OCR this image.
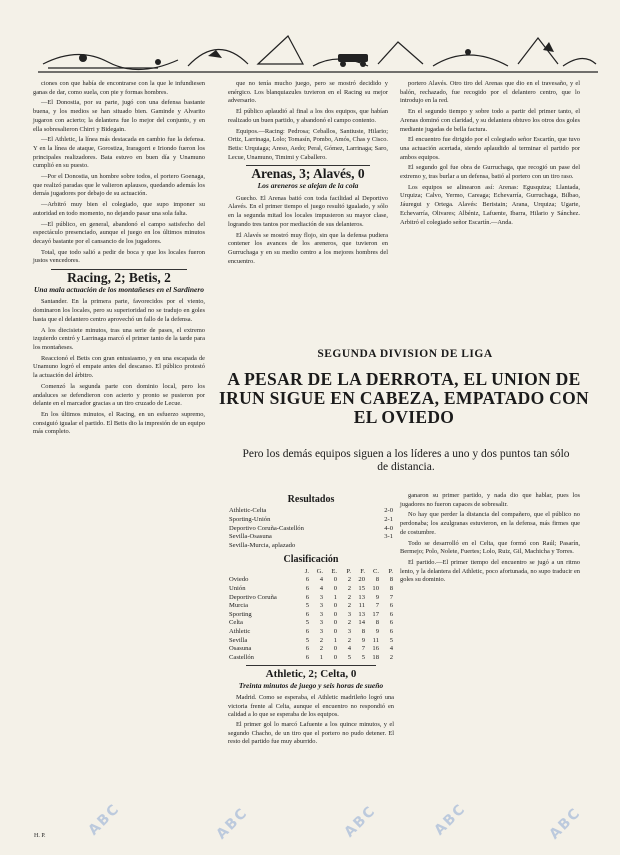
ciones con que había de encontrarse con la que le infundiesen ganas de dar, como suela, con pie y formas hombres.

—El Donostia, por su parte, jugó con una defensa bastante buena, y los medios se han situado bien. Gaminde y Alvarito jugaron con acierto; la delantera fue lo mejor del conjunto, y en ella sobresalieron Chirri y Bidegain.

—El Athletic, la línea más destacada en cambio fue la defensa. Y en la línea de ataque, Gorostiza, Iraragorri e Iriondo fueron los principales realizadores. Bata estuvo en buen día y Unamuno cumplió en su puesto.

—Por el Donostia, un hombre sobre todos, el portero Goenaga, que realizó paradas que le valieron aplausos, quedando además los demás jugadores por debajo de su actuación.

—Arbitró muy bien el colegiado, que supo imponer su autoridad en todo momento, no dejando pasar una sola falta.

—El público, en general, abandonó el campo satisfecho del espectáculo presenciado, aunque el juego en los últimos minutos decayó bastante por el cansancio de los jugadores.

Total, que todo salió a pedir de boca y que los locales fueron justos vencedores.

Racing, 2; Betis, 2
Una mala actuación de los montañeses en el Sardinero

Santander. En la primera parte, favorecidos por el viento, dominaron los locales, pero su superioridad no se tradujo en goles hasta que el delantero centro aprovechó un fallo de la defensa.

A los diecisiete minutos, tras una serie de pases, el extremo izquierdo centró y Larrinaga marcó el primer tanto de la tarde para los montañeses.

Reaccionó el Betis con gran entusiasmo, y en una escapada de Unamuno logró el empate antes del descanso. El público protestó la actuación del árbitro.

Comenzó la segunda parte con dominio local, pero los andaluces se defendieron con acierto y pronto se pusieron por delante en el marcador gracias a un tiro cruzado de Lecue.

En los últimos minutos, el Racing, en un esfuerzo supremo, consiguió igualar el partido. El Betis dio la impresión de un equipo más completo.

que no tenía mucho juego, pero se mostró decidido y enérgico. Los blanquiazules tuvieron en el Racing su mejor adversario.

El público aplaudió al final a los dos equipos, que habían realizado un buen partido, y abandonó el campo contento.

Equipos.—Racing: Pedrosa; Ceballos, Santiuste, Hilario; Ortiz, Larrinaga, Lolo; Tomasín, Pombo, Amós, Chas y Cisco. Betis: Urquiaga; Areso, Aedo; Peral, Gómez, Larrinaga; Saro, Lecue, Unamuno, Timimi y Caballero.

Arenas, 3; Alavés, 0
Los areneros se alejan de la cola

Guecho. El Arenas batió con toda facilidad al Deportivo Alavés. En el primer tiempo el juego resultó igualado, y sólo en la segunda mitad los locales impusieron su mayor clase, logrando tres tantos por mediación de sus delanteros.

El Alavés se mostró muy flojo, sin que la defensa pudiera contener los avances de los areneros, que tuvieron en Gurruchaga y en su medio centro a los mejores hombres del encuentro.

portero Alavés. Otro tiro del Arenas que dio en el travesaño, y el balón, rechazado, fue recogido por el delantero centro, que lo introdujo en la red.

En el segundo tiempo y sobre todo a partir del primer tanto, el Arenas dominó con claridad, y su delantera obtuvo los otros dos goles mediante jugadas de bella factura.

El encuentro fue dirigido por el colegiado señor Escartín, que tuvo una actuación acertada, siendo aplaudido al terminar el partido por ambos equipos.

El segundo gol fue obra de Gurruchaga, que recogió un pase del extremo y, tras burlar a un defensa, batió al portero con un tiro raso.

Los equipos se alinearon así: Arenas: Egusquiza; Llantada, Urquiza; Calvo, Yermo, Careaga; Echevarría, Gurruchaga, Bilbao, Jáuregui y Ortega. Alavés: Beristain; Arana, Urquiza; Ugarte, Echevarría, Olivares; Albéniz, Lafuente, Ibarra, Hilario y Sánchez. Arbitró el colegiado señor Escartín.—Anda.

SEGUNDA DIVISION DE LIGA
A PESAR DE LA DERROTA, EL UNION DE IRUN SIGUE EN CABEZA, EMPATADO CON EL OVIEDO
Pero los demás equipos siguen a los líderes a uno y dos puntos tan sólo de distancia.
Resultados
Athletic-Celta	2-0
Sporting-Unión	2-1
Deportivo Coruña-Castellón	4-0
Sevilla-Osasuna	3-1
Sevilla-Murcia, aplazado	
Clasificación
	J.	G.	E.	P.	F.	C.	P.
Oviedo	6	4	0	2	20	8	8
Unión	6	4	0	2	15	10	8
Deportivo Coruña	6	3	1	2	13	9	7
Murcia	5	3	0	2	11	7	6
Sporting	6	3	0	3	13	17	6
Celta	5	3	0	2	14	8	6
Athletic	6	3	0	3	8	9	6
Sevilla	5	2	1	2	9	11	5
Osasuna	6	2	0	4	7	16	4
Castellón	6	1	0	5	5	18	2
Athletic, 2; Celta, 0
Treinta minutos de juego y seis horas de sueño

Madrid. Como se esperaba, el Athletic madrileño logró una victoria frente al Celta, aunque el encuentro no respondió en calidad a lo que se esperaba de los equipos.

El primer gol lo marcó Lafuente a los quince minutos, y el segundo Chacho, de un tiro que el portero no pudo detener. El resto del partido fue muy aburrido.

ganaron su primer partido, y nada dio que hablar, pues los jugadores no fueron capaces de sobresalir.

No hay que perder la distancia del compañero, que el público no perdonaba; los azulgranas estuvieron, en la defensa, más firmes que de costumbre.

Todo se desarrolló en el Celta, que formó con Raúl; Pasarín, Bermejo; Polo, Nolete, Fuertes; Lolo, Ruiz, Gil, Machicha y Torres.

El partido.—El primer tiempo del encuentro se jugó a un ritmo lento, y la delantera del Athletic, poco afortunada, no supo traducir en goles su dominio.

ABC	ABC	ABC	ABC	ABC
H. P.
